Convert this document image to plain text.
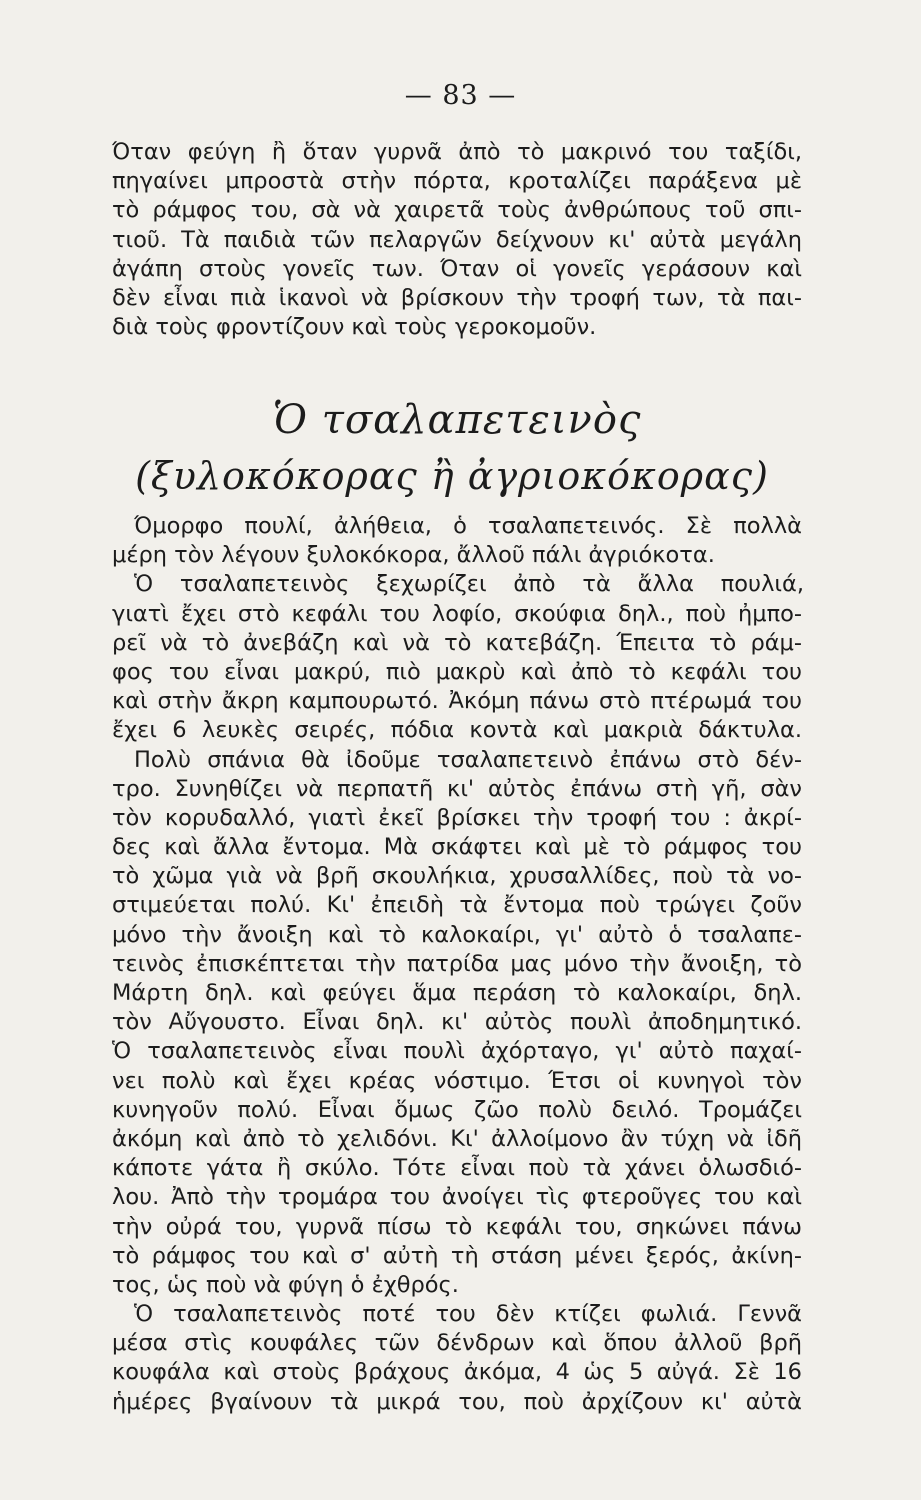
— 83 —
Όταν φεύγη ἢ ὅταν γυρνᾶ ἀπὸ τὸ μακρινό του ταξίδι,
πηγαίνει μπροστὰ στὴν πόρτα, κροταλίζει παράξενα μὲ
τὸ ράμφος του, σὰ νὰ χαιρετᾶ τοὺς ἀνθρώπους τοῦ σπι-
τιοῦ. Τὰ παιδιὰ τῶν πελαργῶν δείχνουν κι' αὐτὰ μεγάλη
ἀγάπη στοὺς γονεῖς των. Όταν οἱ γονεῖς γεράσουν καὶ
δὲν εἶναι πιὰ ἱκανοὶ νὰ βρίσκουν τὴν τροφή των, τὰ παι-
διὰ τοὺς φροντίζουν καὶ τοὺς γεροκομοῦν.
Ὁ τσαλαπετεινὸς
(ξυλοκόκορας ἢ ἀγριοκόκορας)
Όμορφο πουλί, ἀλήθεια, ὁ τσαλαπετεινός. Σὲ πολλὰ
μέρη τὸν λέγουν ξυλοκόκορα, ἄλλοῦ πάλι ἀγριόκοτα.
Ὁ τσαλαπετεινὸς ξεχωρίζει ἀπὸ τὰ ἄλλα πουλιά,
γιατὶ ἔχει στὸ κεφάλι του λοφίο, σκούφια δηλ., ποὺ ἠμπο-
ρεῖ νὰ τὸ ἀνεβάζη καὶ νὰ τὸ κατεβάζη. Έπειτα τὸ ράμ-
φος του εἶναι μακρύ, πιὸ μακρὺ καὶ ἀπὸ τὸ κεφάλι του
καὶ στὴν ἄκρη καμπουρωτό. Ἀκόμη πάνω στὸ πτέρωμά του
ἔχει 6 λευκὲς σειρές, πόδια κοντὰ καὶ μακριὰ δάκτυλα.
Πολὺ σπάνια θὰ ἰδοῦμε τσαλαπετεινὸ ἐπάνω στὸ δέν-
τρο. Συνηθίζει νὰ περπατῆ κι' αὐτὸς ἐπάνω στὴ γῆ, σὰν
τὸν κορυδαλλό, γιατὶ ἐκεῖ βρίσκει τὴν τροφή του : ἀκρί-
δες καὶ ἄλλα ἔντομα. Μὰ σκάφτει καὶ μὲ τὸ ράμφος του
τὸ χῶμα γιὰ νὰ βρῆ σκουλήκια, χρυσαλλίδες, ποὺ τὰ νο-
στιμεύεται πολύ. Κι' ἐπειδὴ τὰ ἔντομα ποὺ τρώγει ζοῦν
μόνο τὴν ἄνοιξη καὶ τὸ καλοκαίρι, γι' αὐτὸ ὁ τσαλαπε-
τεινὸς ἐπισκέπτεται τὴν πατρίδα μας μόνο τὴν ἄνοιξη, τὸ
Μάρτη δηλ. καὶ φεύγει ἅμα περάση τὸ καλοκαίρι, δηλ.
τὸν Αὔγουστο. Εἶναι δηλ. κι' αὐτὸς πουλὶ ἀποδημητικό.
Ὁ τσαλαπετεινὸς εἶναι πουλὶ ἀχόρταγο, γι' αὐτὸ παχαί-
νει πολὺ καὶ ἔχει κρέας νόστιμο. Έτσι οἱ κυνηγοὶ τὸν
κυνηγοῦν πολύ. Εἶναι ὅμως ζῶο πολὺ δειλό. Τρομάζει
ἀκόμη καὶ ἀπὸ τὸ χελιδόνι. Κι' ἀλλοίμονο ἂν τύχη νὰ ἰδῆ
κάποτε γάτα ἢ σκύλο. Τότε εἶναι ποὺ τὰ χάνει ὁλωσδιό-
λου. Ἀπὸ τὴν τρομάρα του ἀνοίγει τὶς φτεροῦγες του καὶ
τὴν οὐρά του, γυρνᾶ πίσω τὸ κεφάλι του, σηκώνει πάνω
τὸ ράμφος του καὶ σ' αὐτὴ τὴ στάση μένει ξερός, ἀκίνη-
τος, ὡς ποὺ νὰ φύγη ὁ ἐχθρός.
Ὁ τσαλαπετεινὸς ποτέ του δὲν κτίζει φωλιά. Γεννᾶ
μέσα στὶς κουφάλες τῶν δένδρων καὶ ὅπου ἀλλοῦ βρῆ
κουφάλα καὶ στοὺς βράχους ἀκόμα, 4 ὡς 5 αὐγά. Σὲ 16
ἡμέρες βγαίνουν τὰ μικρά του, ποὺ ἀρχίζουν κι' αὐτὰ
